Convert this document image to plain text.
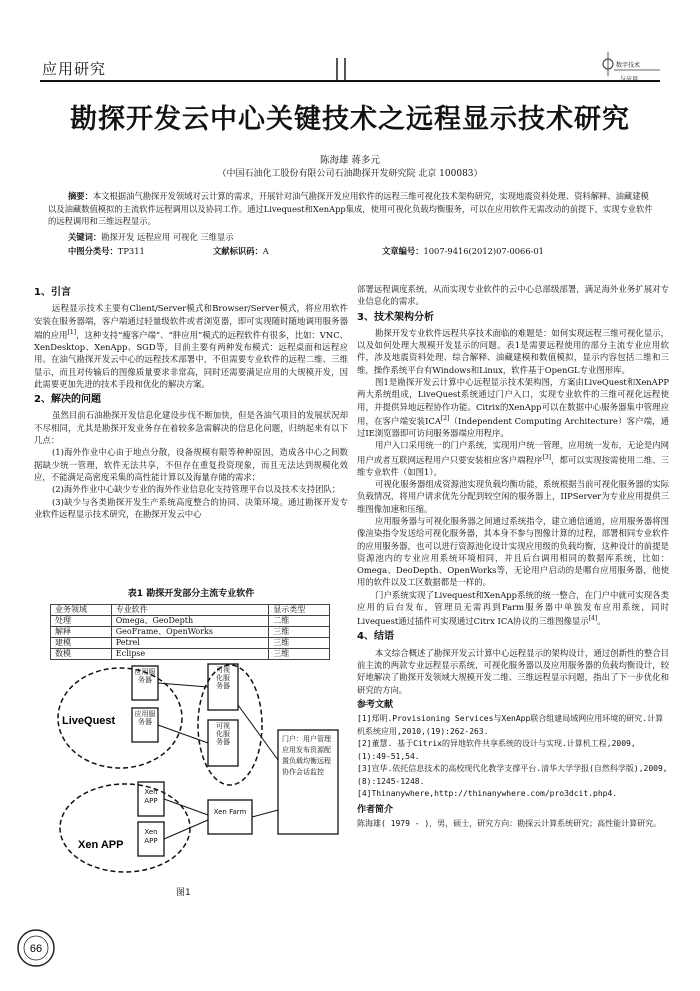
应用研究	数字技术
与应用
勘探开发云中心关键技术之远程显示技术研究
陈海雄 蒋多元
（中国石油化工股份有限公司石油勘探开发研究院 北京 100083）
摘要：本文根据油气勘探开发领域对云计算的需求，开展针对油气勘探开发应用软件的远程三维可视化技术架构研究，实现地震资料处理、资料解释、油藏建模以及油藏数值模拟的主流软件远程调用以及协同工作。通过Livequest和XenApp集成，使用可视化负载均衡服务，可以在应用软件无需改动的前提下，实现专业软件的远程调用和三维远程显示。
关键词：勘探开发 远程应用 可视化 三维显示
中图分类号：TP311	文献标识码：A	文章编号：1007-9416(2012)07-0066-01
1、引言

远程显示技术主要有Client/Server模式和Browser/Server模式，将应用软件安装在服务器端，客户端通过轻量级软件或者浏览器，即可实现随时随地调用服务器端的应用[1]，这种支持“瘦客户端”、“胖应用”模式的远程软件有很多，比如：VNC、XenDesktop、XenApp、SGD等，目前主要有两种发布模式：远程桌面和远程应用。在油气勘探开发云中心的远程技术部署中，不但需要专业软件的远程二维、三维显示，而且对传输后的图像质量要求非常高，同时还需要满足应用的大规模开发，因此需要更加先进的技术手段和优化的解决方案。

2、解决的问题

虽然目前石油勘探开发信息化建设步伐不断加快，但是各油气项目的发展状况却不尽相同，尤其是勘探开发业务存在着较多急需解决的信息化问题，归纳起来有以下几点：

(1)海外作业中心由于地点分散，设备规模有限等种种原因，造成各中心之间数据缺少统一管理，软件无法共享，不但存在重复投资现象，而且无法达到规模化效应，不能满足高密度采集的高性能计算以及海量存储的需求；

(2)海外作业中心缺少专业的海外作业信息化支持管理平台以及技术支持团队；

(3)缺少与各类勘探开发生产系统高度整合的协同、决策环境。通过勘探开发专业软件远程显示技术研究，在勘探开发云中心

表1 勘探开发部分主流专业软件
业务领域	专业软件	显示类型
处理	Omega、GeoDepth	二维
解释	GeoFrame、OpenWorks	三维
建模	Petrel	三维
数模	Eclipse	三维
LiveQuest
Xen APP
应用服务器
应用服务器
可视化服务器
可视化服务器
Xen APP
Xen APP
Xen Farm
门户：用户管理应用发布资源配置负载均衡远程协作会话监控
图1

部署远程调度系统，从而实现专业软件的云中心总部级部署，满足海外业务扩展对专业信息化的需求。

3、技术架构分析

勘探开发专业软件远程共享技术面临的难题是：如何实现远程三维可视化显示，以及如何处理大规模开发显示的问题。表1是需要远程使用的部分主流专业应用软件，涉及地震资料处理、综合解释、油藏建模和数值模拟，显示内容包括二维和三维，操作系统平台有Windows和Linux，软件基于OpenGL专业图形库。

图1是勘探开发云计算中心远程显示技术架构图，方案由LiveQuest和XenAPP两大系统组成，LiveQuest系统通过门户入口，实现专业软件的三维可视化远程使用，并提供异地远程协作功能。Citrix的XenApp可以在数据中心服务器集中管理应用，在客户端安装ICA[2]（Independent Computing Architecture）客户端，通过IE浏览器即可访问服务器端应用程序。

用户入口采用统一的门户系统，实现用户统一管理，应用统一发布，无论是内网用户或者互联网远程用户只要安装相应客户端程序[3]，都可以实现按需使用二维、三维专业软件（如图1）。

可视化服务器组成资源池实现负载均衡功能，系统根据当前可视化服务器的实际负载情况，将用户请求优先分配到较空闲的服务器上，IIPServer为专业应用提供三维图像加速和压缩。

应用服务器与可视化服务器之间通过系统指令，建立通信通道，应用服务器将图像渲染指令发送给可视化服务器，其本身不参与图像计算的过程，部署相同专业软件的应用服务器，也可以进行资源池化设计实现应用级的负载均衡，这种设计的前提是资源池内的专业应用系统环境相同，并且后台调用相同的数据库系统，比如：Omega、DeoDepth、OpenWorks等，无论用户启动的是哪台应用服务器，他使用的软件以及工区数据都是一样的。

门户系统实现了Livequest和XenApp系统的统一整合，在门户中就可实现各类应用的后台发布，管理员无需再到Farm服务器中单独发布应用系统，同时Livequest通过插件可实现通过Citrx ICA协议的三维图像显示[4]。

4、结语

本文综合概述了勘探开发云计算中心远程显示的架构设计，通过创新性的整合目前主流的两款专业远程显示系统，可视化服务器以及应用服务器的负载均衡设计，较好地解决了勘探开发领域大规模开发二维、三维远程显示问题，指出了下一步优化和研究的方向。

参考文献
[1]郑明.Provisioning Services与XenApp联合组建局域网应用环境的研究.计算机系统应用,2010,(19):262-263.
[2]董慧. 基于Citrix的异地软件共享系统的设计与实现.计算机工程,2009,(1):49-51,54.
[3]宣华.依托信息技术的高校现代化教学支撑平台.清华大学学报(自然科学版),2009,(8):1245-1248.
[4]Thinanywhere,http://thinanywhere.com/pro3dcit.php4.
作者简介
陈海雄( 1979 - )，男，硕士，研究方向：勘探云计算系统研究；高性能计算研究。
66
